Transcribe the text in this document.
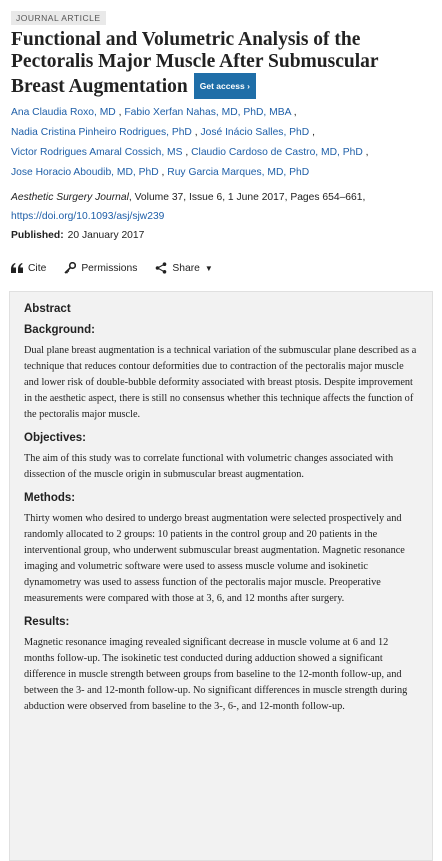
JOURNAL ARTICLE
Functional and Volumetric Analysis of the Pectoralis Major Muscle After Submuscular Breast Augmentation Get access ›
Ana Claudia Roxo, MD , Fabio Xerfan Nahas, MD, PhD, MBA ,
Nadia Cristina Pinheiro Rodrigues, PhD , José Inácio Salles, PhD ,
Victor Rodrigues Amaral Cossich, MS , Claudio Cardoso de Castro, MD, PhD ,
Jose Horacio Aboudib, MD, PhD , Ruy Garcia Marques, MD, PhD
Aesthetic Surgery Journal, Volume 37, Issue 6, 1 June 2017, Pages 654–661,
https://doi.org/10.1093/asj/sjw239
Published: 20 January 2017
Cite	Permissions	Share ▼
Abstract
Background:

Dual plane breast augmentation is a technical variation of the submuscular plane described as a technique that reduces contour deformities due to contraction of the pectoralis major muscle and lower risk of double-bubble deformity associated with breast ptosis. Despite improvement in the aesthetic aspect, there is still no consensus whether this technique affects the function of the pectoralis major muscle.

Objectives:

The aim of this study was to correlate functional with volumetric changes associated with dissection of the muscle origin in submuscular breast augmentation.

Methods:

Thirty women who desired to undergo breast augmentation were selected prospectively and randomly allocated to 2 groups: 10 patients in the control group and 20 patients in the interventional group, who underwent submuscular breast augmentation. Magnetic resonance imaging and volumetric software were used to assess muscle volume and isokinetic dynamometry was used to assess function of the pectoralis major muscle. Preoperative measurements were compared with those at 3, 6, and 12 months after surgery.

Results:

Magnetic resonance imaging revealed significant decrease in muscle volume at 6 and 12 months follow-up. The isokinetic test conducted during adduction showed a significant difference in muscle strength between groups from baseline to the 12-month follow-up, and between the 3- and 12-month follow-up. No significant differences in muscle strength during abduction were observed from baseline to the 3-, 6-, and 12-month follow-up.
